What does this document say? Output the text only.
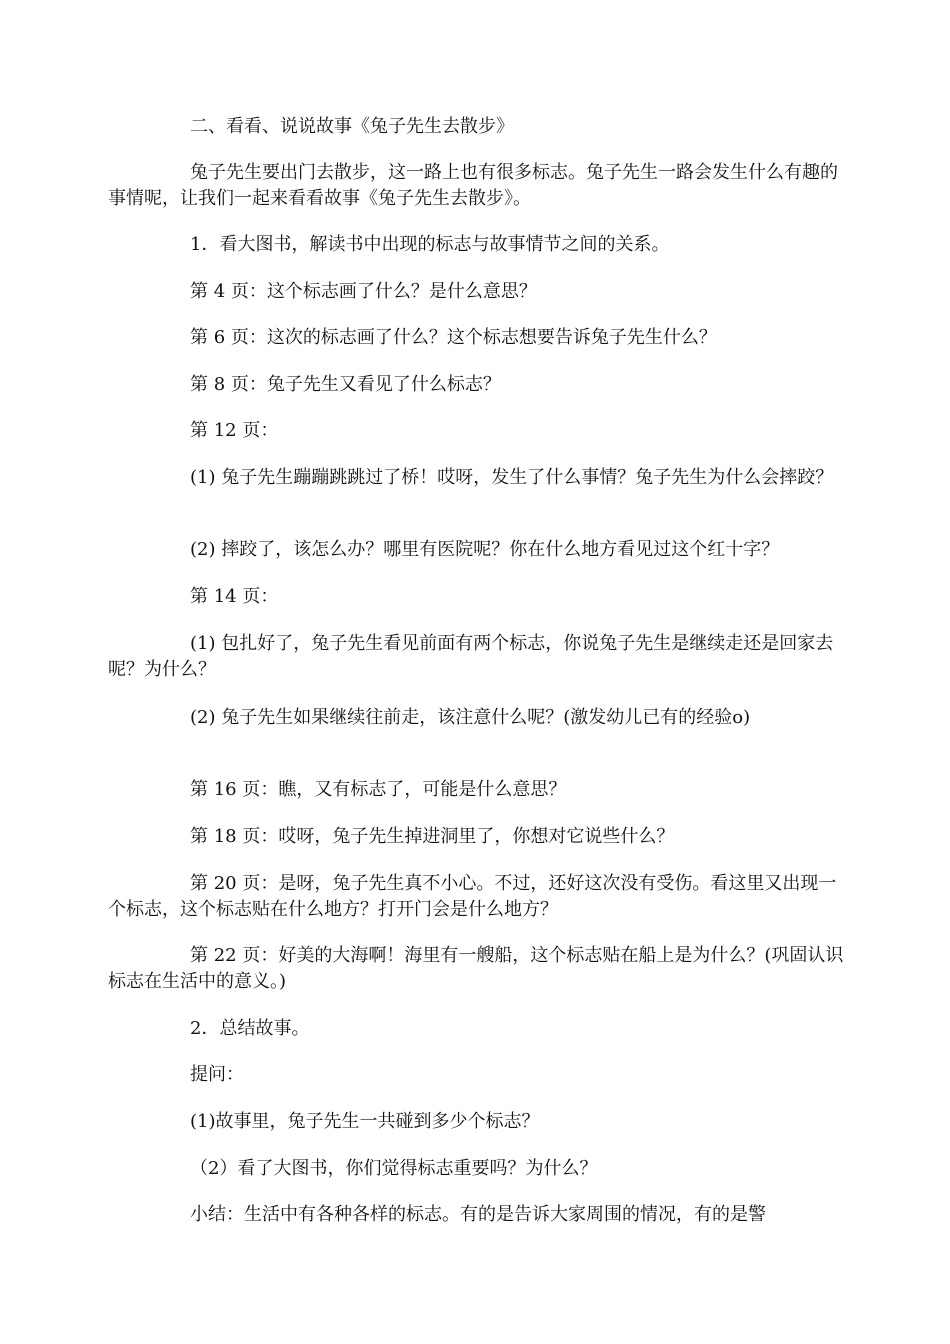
二、看看、说说故事《兔子先生去散步》

兔子先生要出门去散步，这一路上也有很多标志。兔子先生一路会发生什么有趣的事情呢，让我们一起来看看故事《兔子先生去散步》。

1．看大图书，解读书中出现的标志与故事情节之间的关系。

第 4 页：这个标志画了什么？是什么意思？

第 6 页：这次的标志画了什么？这个标志想要告诉兔子先生什么？

第 8 页：兔子先生又看见了什么标志？

第 12 页：

(1) 兔子先生蹦蹦跳跳过了桥！哎呀，发生了什么事情？兔子先生为什么会摔跤？

(2) 摔跤了，该怎么办？哪里有医院呢？你在什么地方看见过这个红十字？

第 14 页：

(1) 包扎好了，兔子先生看见前面有两个标志，你说兔子先生是继续走还是回家去呢？为什么？

(2) 兔子先生如果继续往前走，该注意什么呢？(激发幼儿已有的经验o)

第 16 页：瞧，又有标志了，可能是什么意思？

第 18 页：哎呀，兔子先生掉进洞里了，你想对它说些什么？

第 20 页：是呀，兔子先生真不小心。不过，还好这次没有受伤。看这里又出现一个标志，这个标志贴在什么地方？打开门会是什么地方？

第 22 页：好美的大海啊！海里有一艘船，这个标志贴在船上是为什么？(巩固认识标志在生活中的意义。)

2．总结故事。

提问：

(1)故事里，兔子先生一共碰到多少个标志？

（2）看了大图书，你们觉得标志重要吗？为什么？

小结：生活中有各种各样的标志。有的是告诉大家周围的情况，有的是警
